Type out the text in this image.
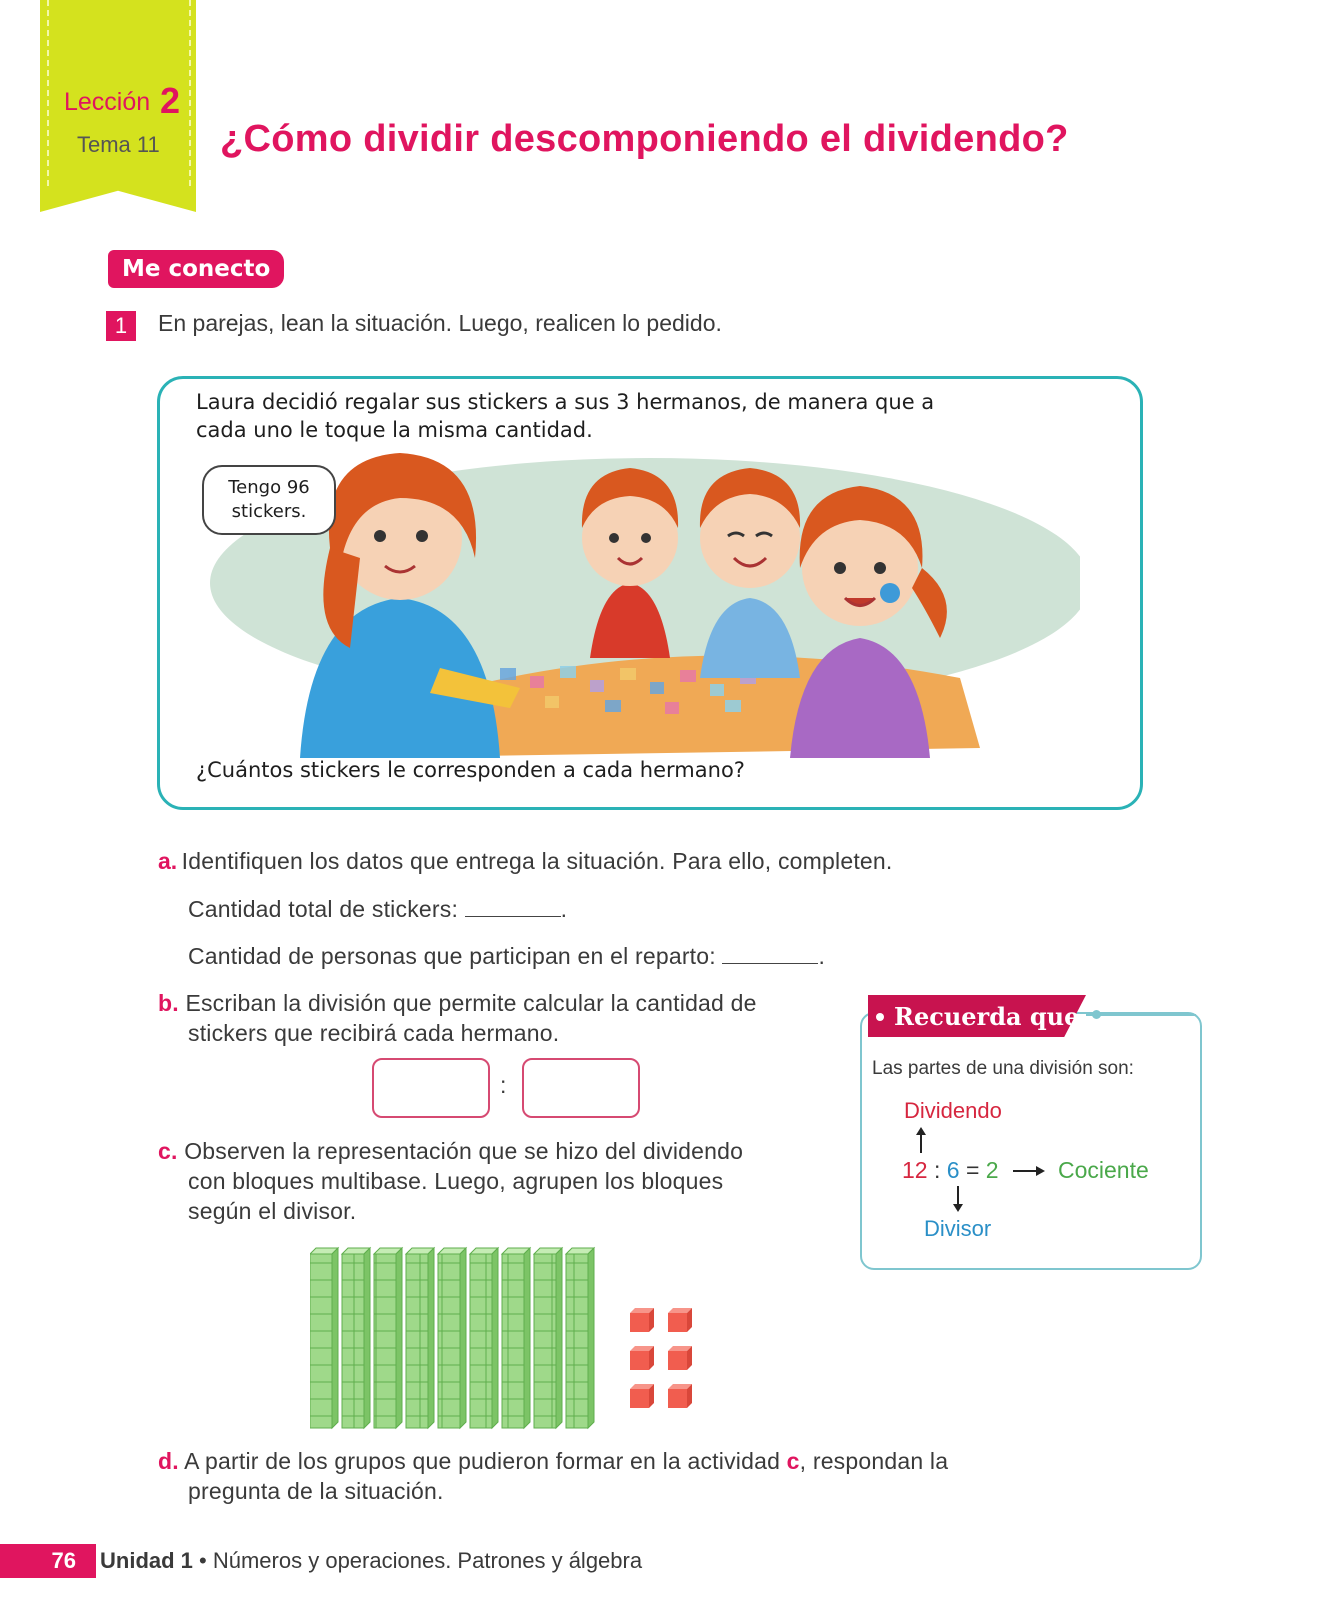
Lección 2
Tema 11 ¿Cómo dividir descomponiendo el dividendo?
Me conecto
1	En parejas, lean la situación. Luego, realicen lo pedido.
Laura decidió regalar sus stickers a sus 3 hermanos, de manera que a cada uno le toque la misma cantidad.
Tengo 96 stickers.
¿Cuántos stickers le corresponden a cada hermano?
a. Identifiquen los datos que entrega la situación. Para ello, completen.
Cantidad total de stickers:	.
Cantidad de personas que participan en el reparto:	.
b. Escriban la división que permite calcular la cantidad de
stickers que recibirá cada hermano.
:
c. Observen la representación que se hizo del dividendo
con bloques multibase. Luego, agrupen los bloques
según el divisor.
d. A partir de los grupos que pudieron formar en la actividad c, respondan la
pregunta de la situación.
Recuerda que
Las partes de una división son:
Dividendo
12 : 6 = 2	Cociente
Divisor
76	Unidad 1 • Números y operaciones. Patrones y álgebra
